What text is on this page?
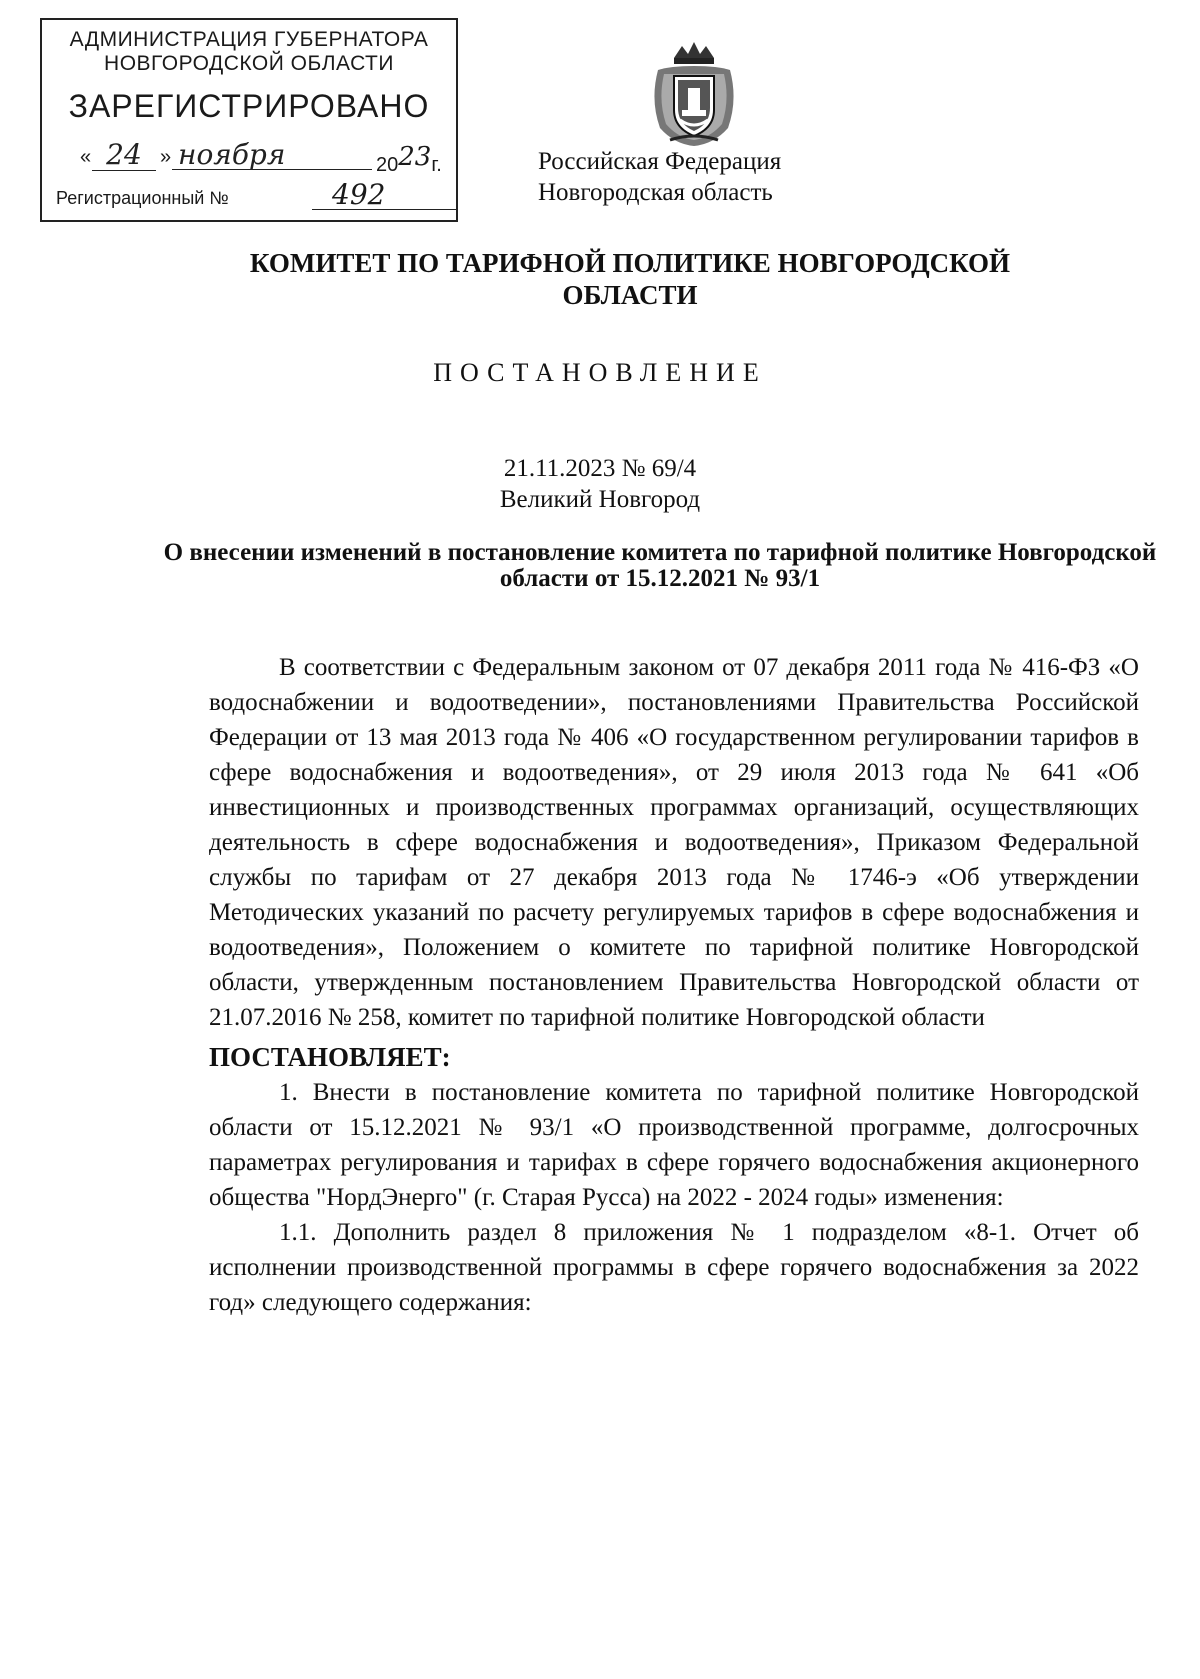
АДМИНИСТРАЦИЯ ГУБЕРНАТОРА
НОВГОРОДСКОЙ ОБЛАСТИ
ЗАРЕГИСТРИРОВАНО
« 24 » ноября	2023г.
Регистрационный №	492
Российская Федерация
Новгородская область
КОМИТЕТ ПО ТАРИФНОЙ ПОЛИТИКЕ НОВГОРОДСКОЙ ОБЛАСТИ
ПОСТАНОВЛЕНИЕ
21.11.2023 № 69/4
Великий Новгород
О внесении изменений в постановление комитета по тарифной политике Новгородской области от 15.12.2021 № 93/1

В соответствии с Федеральным законом от 07 декабря 2011 года № 416-ФЗ «О водоснабжении и водоотведении», постановлениями Правительства Российской Федерации от 13 мая 2013 года № 406 «О государственном регулировании тарифов в сфере водоснабжения и водоотведения», от 29 июля 2013 года № 641 «Об инвестиционных и производственных программах организаций, осуществляющих деятельность в сфере водоснабжения и водоотведения», Приказом Федеральной службы по тарифам от 27 декабря 2013 года № 1746-э «Об утверждении Методических указаний по расчету регулируемых тарифов в сфере водоснабжения и водоотведения», Положением о комитете по тарифной политике Новгородской области, утвержденным постановлением Правительства Новгородской области от 21.07.2016 № 258, комитет по тарифной политике Новгородской области

ПОСТАНОВЛЯЕТ:

1. Внести в постановление комитета по тарифной политике Новгородской области от 15.12.2021 № 93/1 «О производственной программе, долгосрочных параметрах регулирования и тарифах в сфере горячего водоснабжения акционерного общества "НордЭнерго" (г. Старая Русса) на 2022 - 2024 годы» изменения:

1.1. Дополнить раздел 8 приложения № 1 подразделом «8-1. Отчет об исполнении производственной программы в сфере горячего водоснабжения за 2022 год» следующего содержания:
